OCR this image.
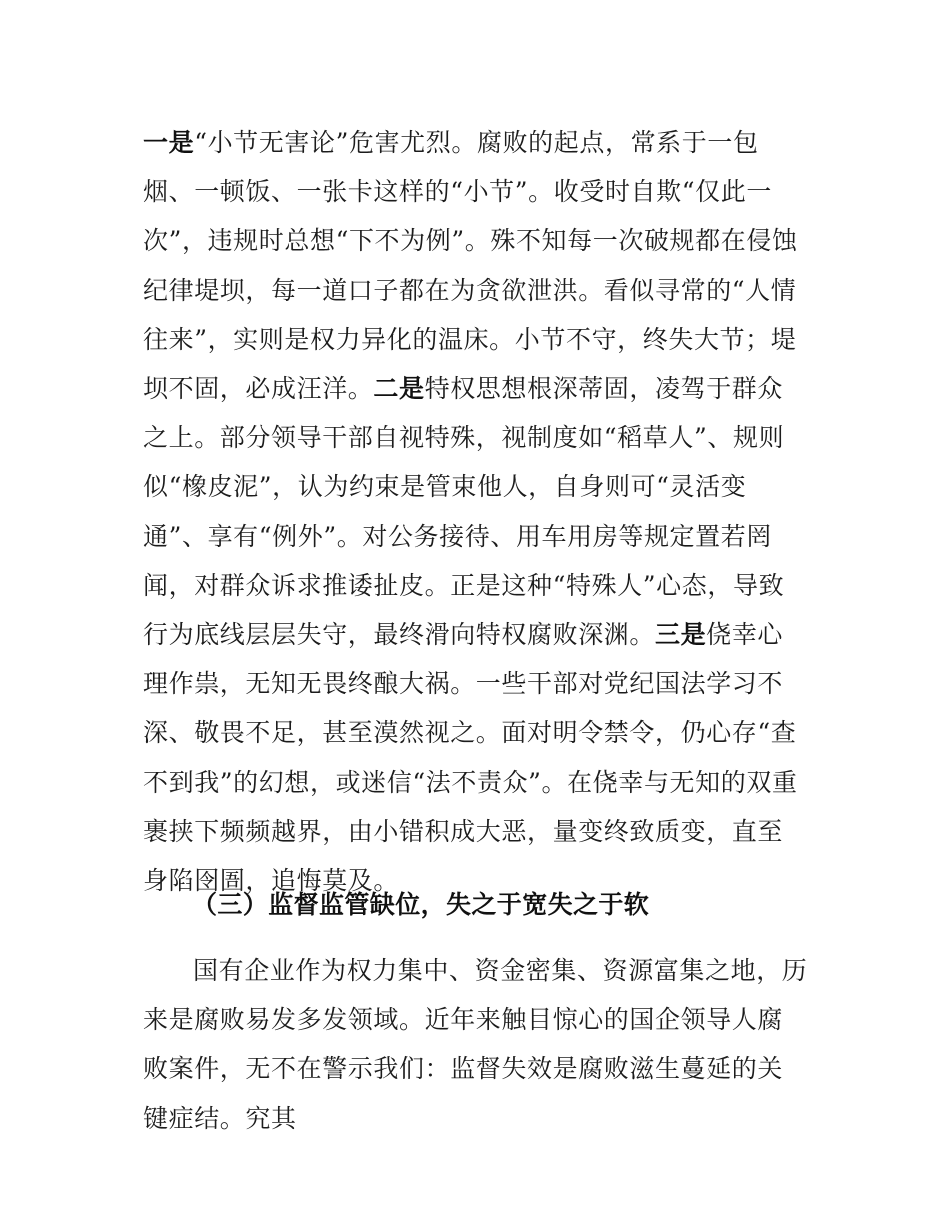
一是“小节无害论”危害尤烈。腐败的起点，常系于一包烟、一顿饭、一张卡这样的“小节”。收受时自欺“仅此一次”，违规时总想“下不为例”。殊不知每一次破规都在侵蚀纪律堤坝，每一道口子都在为贪欲泄洪。看似寻常的“人情往来”，实则是权力异化的温床。小节不守，终失大节；堤坝不固，必成汪洋。二是特权思想根深蒂固，凌驾于群众之上。部分领导干部自视特殊，视制度如“稻草人”、规则似“橡皮泥”，认为约束是管束他人，自身则可“灵活变通”、享有“例外”。对公务接待、用车用房等规定置若罔闻，对群众诉求推诿扯皮。正是这种“特殊人”心态，导致行为底线层层失守，最终滑向特权腐败深渊。三是侥幸心理作祟，无知无畏终酿大祸。一些干部对党纪国法学习不深、敬畏不足，甚至漠然视之。面对明令禁令，仍心存“查不到我”的幻想，或迷信“法不责众”。在侥幸与无知的双重裹挟下频频越界，由小错积成大恶，量变终致质变，直至身陷囹圄，追悔莫及。

（三）监督监管缺位，失之于宽失之于软

国有企业作为权力集中、资金密集、资源富集之地，历来是腐败易发多发领域。近年来触目惊心的国企领导人腐败案件，无不在警示我们：监督失效是腐败滋生蔓延的关键症结。究其
